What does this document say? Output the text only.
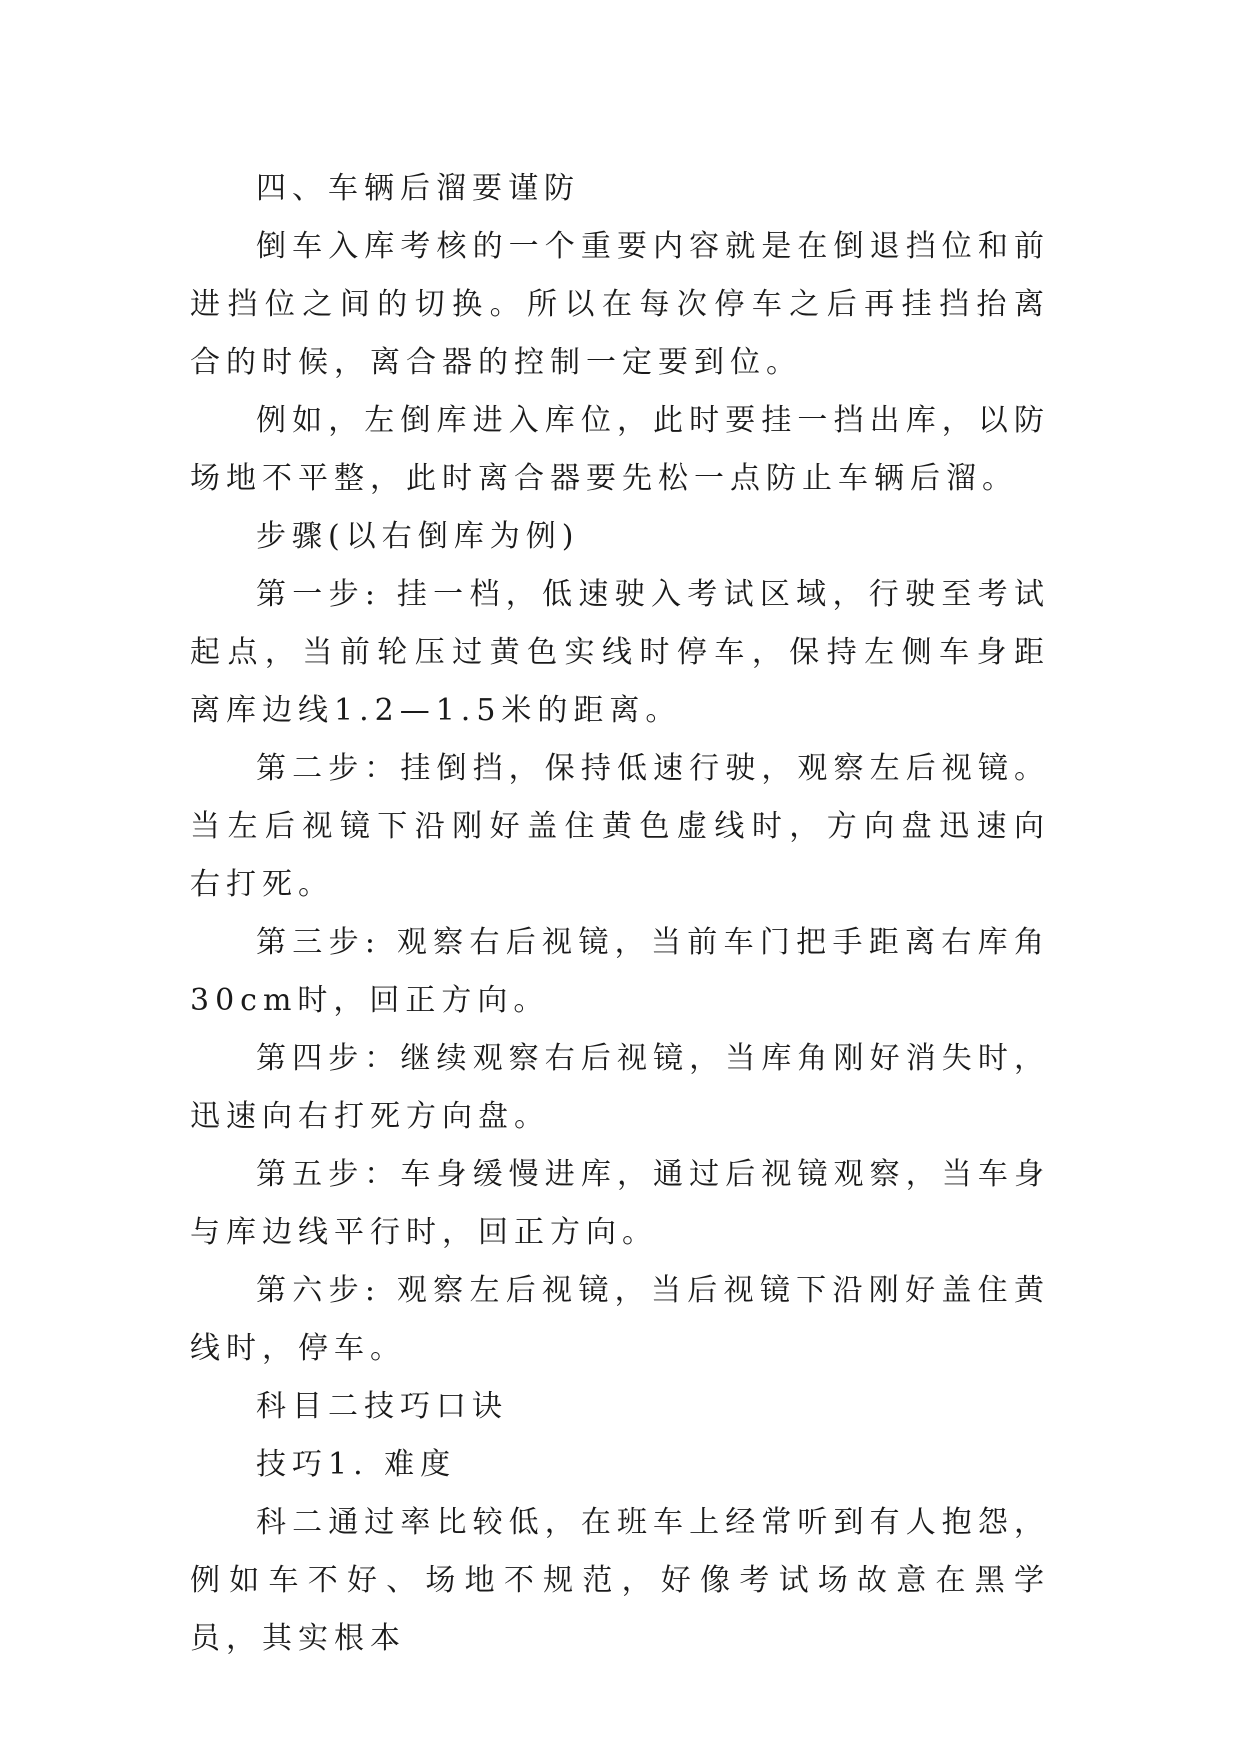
四、车辆后溜要谨防

倒车入库考核的一个重要内容就是在倒退挡位和前进挡位之间的切换。所以在每次停车之后再挂挡抬离合的时候，离合器的控制一定要到位。

例如，左倒库进入库位，此时要挂一挡出库，以防场地不平整，此时离合器要先松一点防止车辆后溜。

步骤(以右倒库为例)

第一步: 挂一档，低速驶入考试区域，行驶至考试起点，当前轮压过黄色实线时停车，保持左侧车身距离库边线1.2—1.5米的距离。

第二步：挂倒挡，保持低速行驶，观察左后视镜。当左后视镜下沿刚好盖住黄色虚线时，方向盘迅速向右打死。

第三步: 观察右后视镜，当前车门把手距离右库角30cm时，回正方向。

第四步：继续观察右后视镜，当库角刚好消失时，迅速向右打死方向盘。

第五步：车身缓慢进库，通过后视镜观察，当车身与库边线平行时，回正方向。

第六步: 观察左后视镜，当后视镜下沿刚好盖住黄线时，停车。

科目二技巧口诀

技巧1. 难度

科二通过率比较低，在班车上经常听到有人抱怨，例如车不好、场地不规范，好像考试场故意在黑学员，其实根本
